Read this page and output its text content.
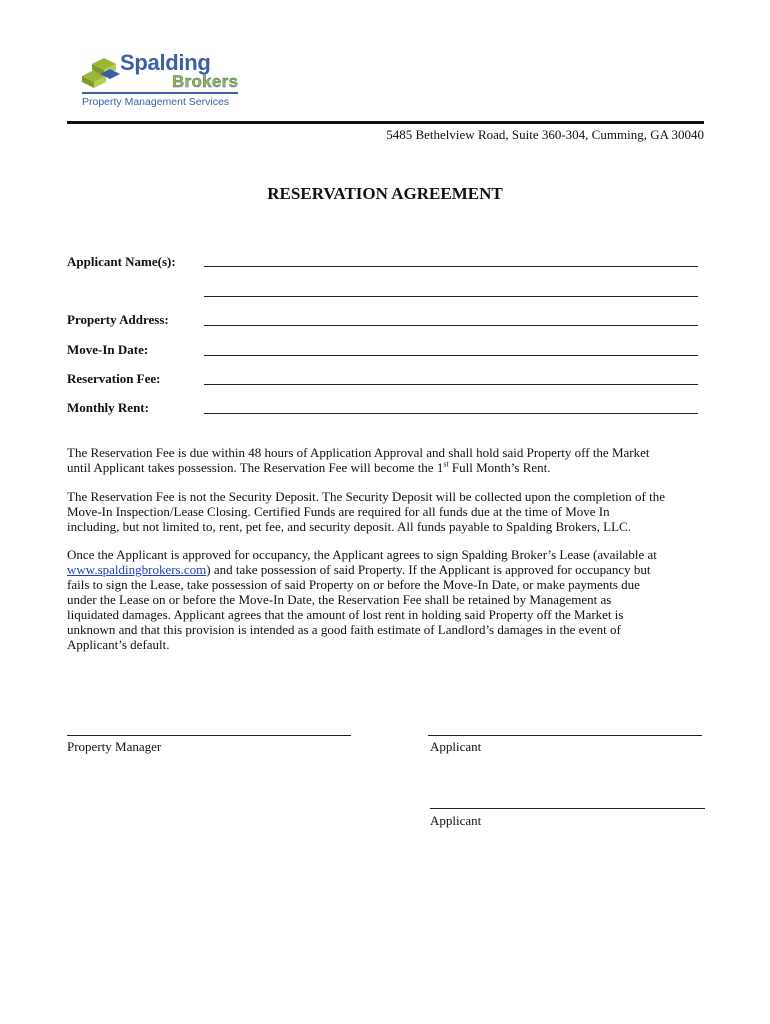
Spalding
Brokers
Property Management Services
5485 Bethelview Road, Suite 360-304, Cumming, GA 30040
RESERVATION AGREEMENT
Applicant Name(s):
Property Address:
Move-In Date:
Reservation Fee:
Monthly Rent:
The Reservation Fee is due within 48 hours of Application Approval and shall hold said Property off the Market
until Applicant takes possession. The Reservation Fee will become the 1st Full Month’s Rent.
The Reservation Fee is not the Security Deposit. The Security Deposit will be collected upon the completion of the
Move-In Inspection/Lease Closing. Certified Funds are required for all funds due at the time of Move In
including, but not limited to, rent, pet fee, and security deposit. All funds payable to Spalding Brokers, LLC.
Once the Applicant is approved for occupancy, the Applicant agrees to sign Spalding Broker’s Lease (available at
www.spaldingbrokers.com) and take possession of said Property. If the Applicant is approved for occupancy but
fails to sign the Lease, take possession of said Property on or before the Move-In Date, or make payments due
under the Lease on or before the Move-In Date, the Reservation Fee shall be retained by Management as
liquidated damages. Applicant agrees that the amount of lost rent in holding said Property off the Market is
unknown and that this provision is intended as a good faith estimate of Landlord’s damages in the event of
Applicant’s default.
Property Manager	Applicant
Applicant
